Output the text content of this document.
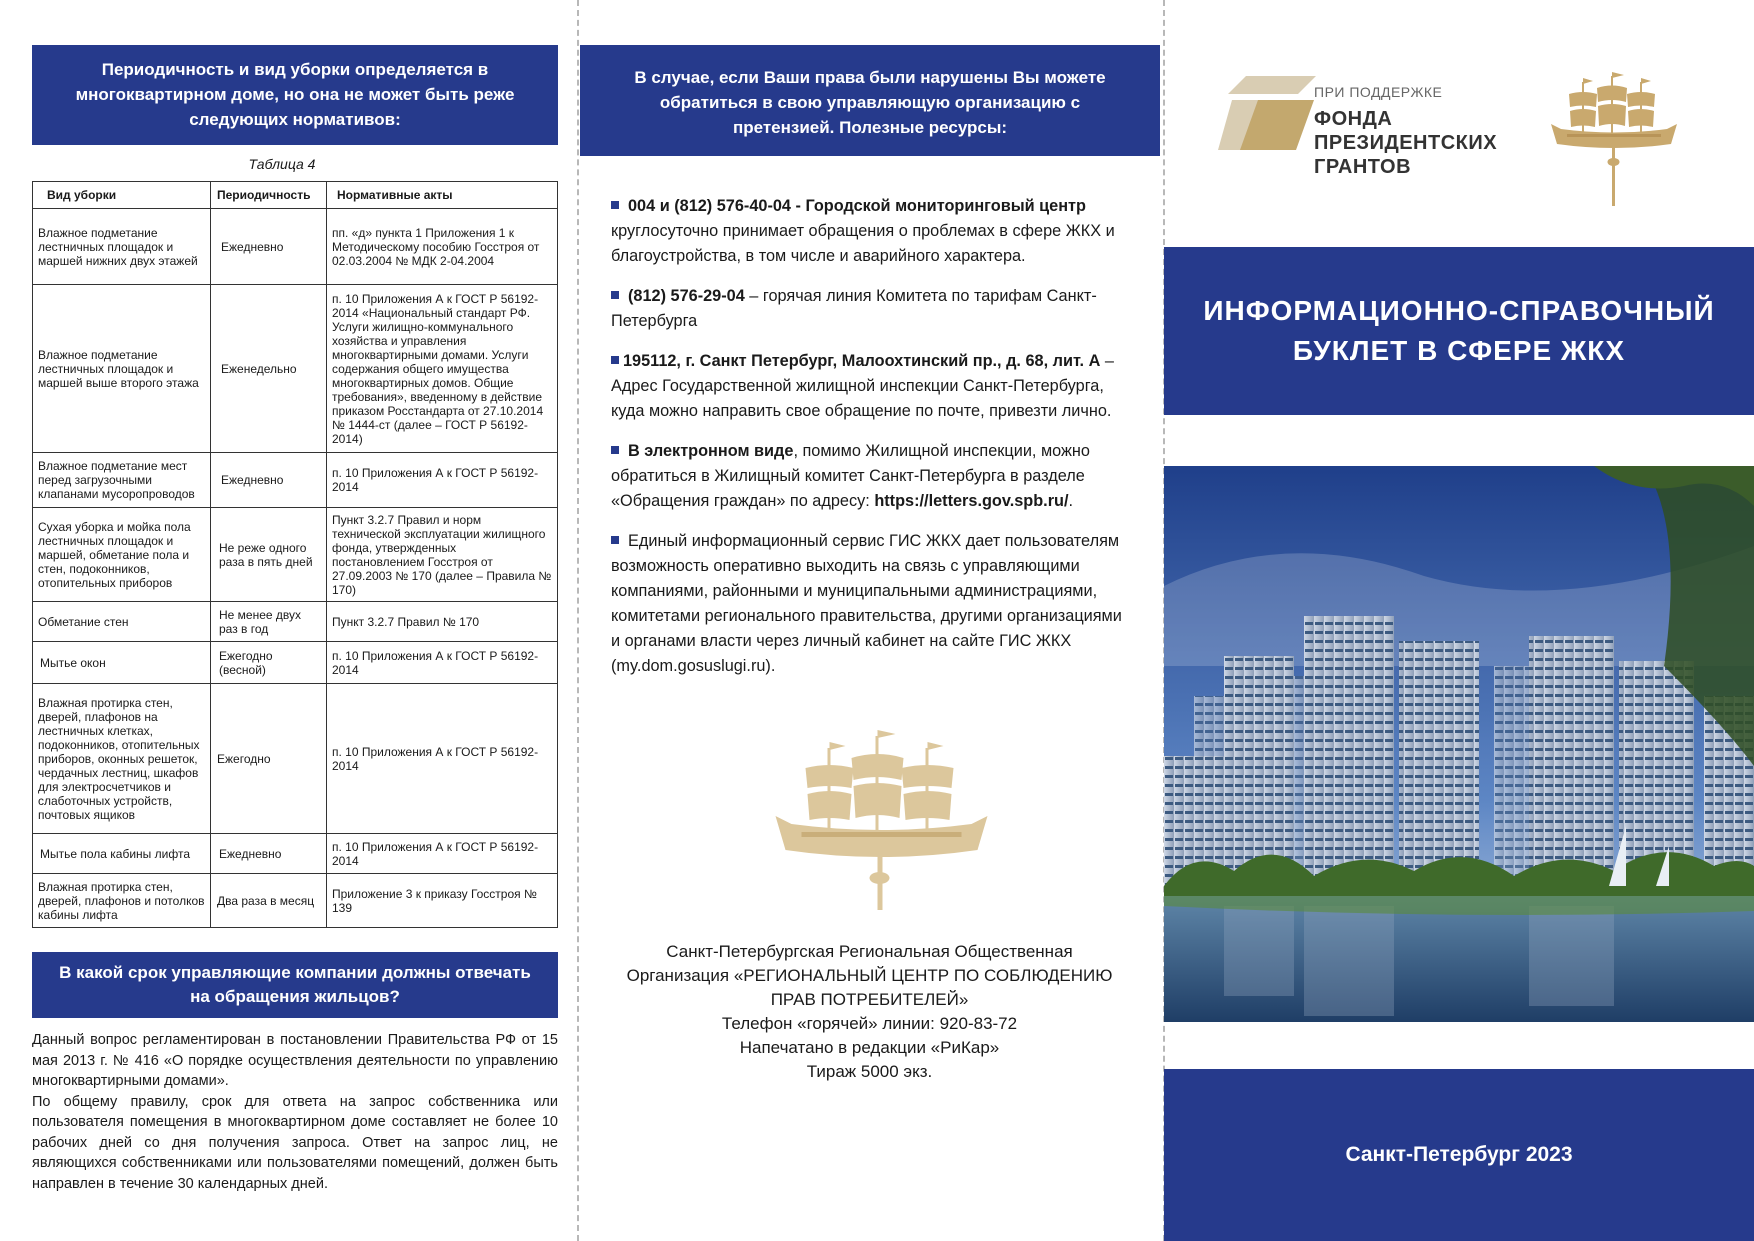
Периодичность и вид уборки определяется в многоквартирном доме, но она не может быть реже следующих нормативов:
Таблица 4
Вид уборки	Периодичность	Нормативные акты
Влажное подметание лестничных площадок и маршей нижних двух этажей	Ежедневно	пп. «д» пункта 1 Приложения 1 к Методическому пособию Госстроя от 02.03.2004 № МДК 2-04.2004
Влажное подметание лестничных площадок и маршей выше второго этажа	Еженедельно	п. 10 Приложения А к ГОСТ Р 56192-2014 «Национальный стандарт РФ. Услуги жилищно-коммунального хозяйства и управления многоквартирными домами. Услуги содержания общего имущества многоквартирных домов. Общие требования», введенному в действие приказом Росстандарта от 27.10.2014 № 1444-ст (далее – ГОСТ Р 56192-2014)
Влажное подметание мест перед загрузочными клапанами мусоропроводов	Ежедневно	п. 10 Приложения А к ГОСТ Р 56192-2014
Сухая уборка и мойка пола лестничных площадок и маршей, обметание пола и стен, подоконников, отопительных приборов	Не реже одного раза в пять дней	Пункт 3.2.7 Правил и норм технической эксплуатации жилищного фонда, утвержденных постановлением Госстроя от 27.09.2003 № 170 (далее – Правила № 170)
Обметание стен	Не менее двух раз в год	Пункт 3.2.7 Правил № 170
Мытье окон	Ежегодно (весной)	п. 10 Приложения А к ГОСТ Р 56192-2014
Влажная протирка стен, дверей, плафонов на лестничных клетках, подоконников, отопительных приборов, оконных решеток, чердачных лестниц, шкафов для электросчетчиков и слаботочных устройств, почтовых ящиков	Ежегодно	п. 10 Приложения А к ГОСТ Р 56192-2014
Мытье пола кабины лифта	Ежедневно	п. 10 Приложения А к ГОСТ Р 56192-2014
Влажная протирка стен, дверей, плафонов и потолков кабины лифта	Два раза в месяц	Приложение 3 к приказу Госстроя № 139
В какой срок управляющие компании должны отвечать на обращения жильцов?

Данный вопрос регламентирован в постановлении Правительства РФ от 15 мая 2013 г. № 416 «О порядке осуществления деятельности по управлению многоквартирными домами».

По общему правилу, срок для ответа на запрос собственника или пользователя помещения в многоквартирном доме составляет не более 10 рабочих дней со дня получения запроса. Ответ на запрос лиц, не являющихся собственниками или пользователями помещений, должен быть направлен в течение 30 календарных дней.

В случае, если Ваши права были нарушены Вы можете обратиться в свою управляющую организацию с претензией. Полезные ресурсы:

004 и (812) 576-40-04 - Городской мониторинговый центр круглосуточно принимает обращения о проблемах в сфере ЖКХ и благоустройства, в том числе и аварийного характера.

(812) 576-29-04 – горячая линия Комитета по тарифам Санкт-Петербурга

195112, г. Санкт Петербург, Малоохтинский пр., д. 68, лит. А – Адрес Государственной жилищной инспекции Санкт-Петербурга, куда можно направить свое обращение по почте, привезти лично.

В электронном виде, помимо Жилищной инспекции, можно обратиться в Жилищный комитет Санкт-Петербурга в разделе «Обращения граждан» по адресу: https://letters.gov.spb.ru/.

Единый информационный сервис ГИС ЖКХ дает пользователям возможность оперативно выходить на связь с управляющими компаниями, районными и муниципальными администрациями, комитетами регионального правительства, другими организациями и органами власти через личный кабинет на сайте ГИС ЖКХ (my.dom.gosuslugi.ru).

Санкт-Петербургская Региональная Общественная
Организация «РЕГИОНАЛЬНЫЙ ЦЕНТР ПО СОБЛЮДЕНИЮ
ПРАВ ПОТРЕБИТЕЛЕЙ»
Телефон «горячей» линии: 920-83-72
Напечатано в редакции «РиКар»
Тираж 5000 экз.
ПРИ ПОДДЕРЖКЕ
ФОНДА
ПРЕЗИДЕНТСКИХ
ГРАНТОВ
ИНФОРМАЦИОННО-СПРАВОЧНЫЙ
БУКЛЕТ В СФЕРЕ ЖКХ
Санкт-Петербург 2023
